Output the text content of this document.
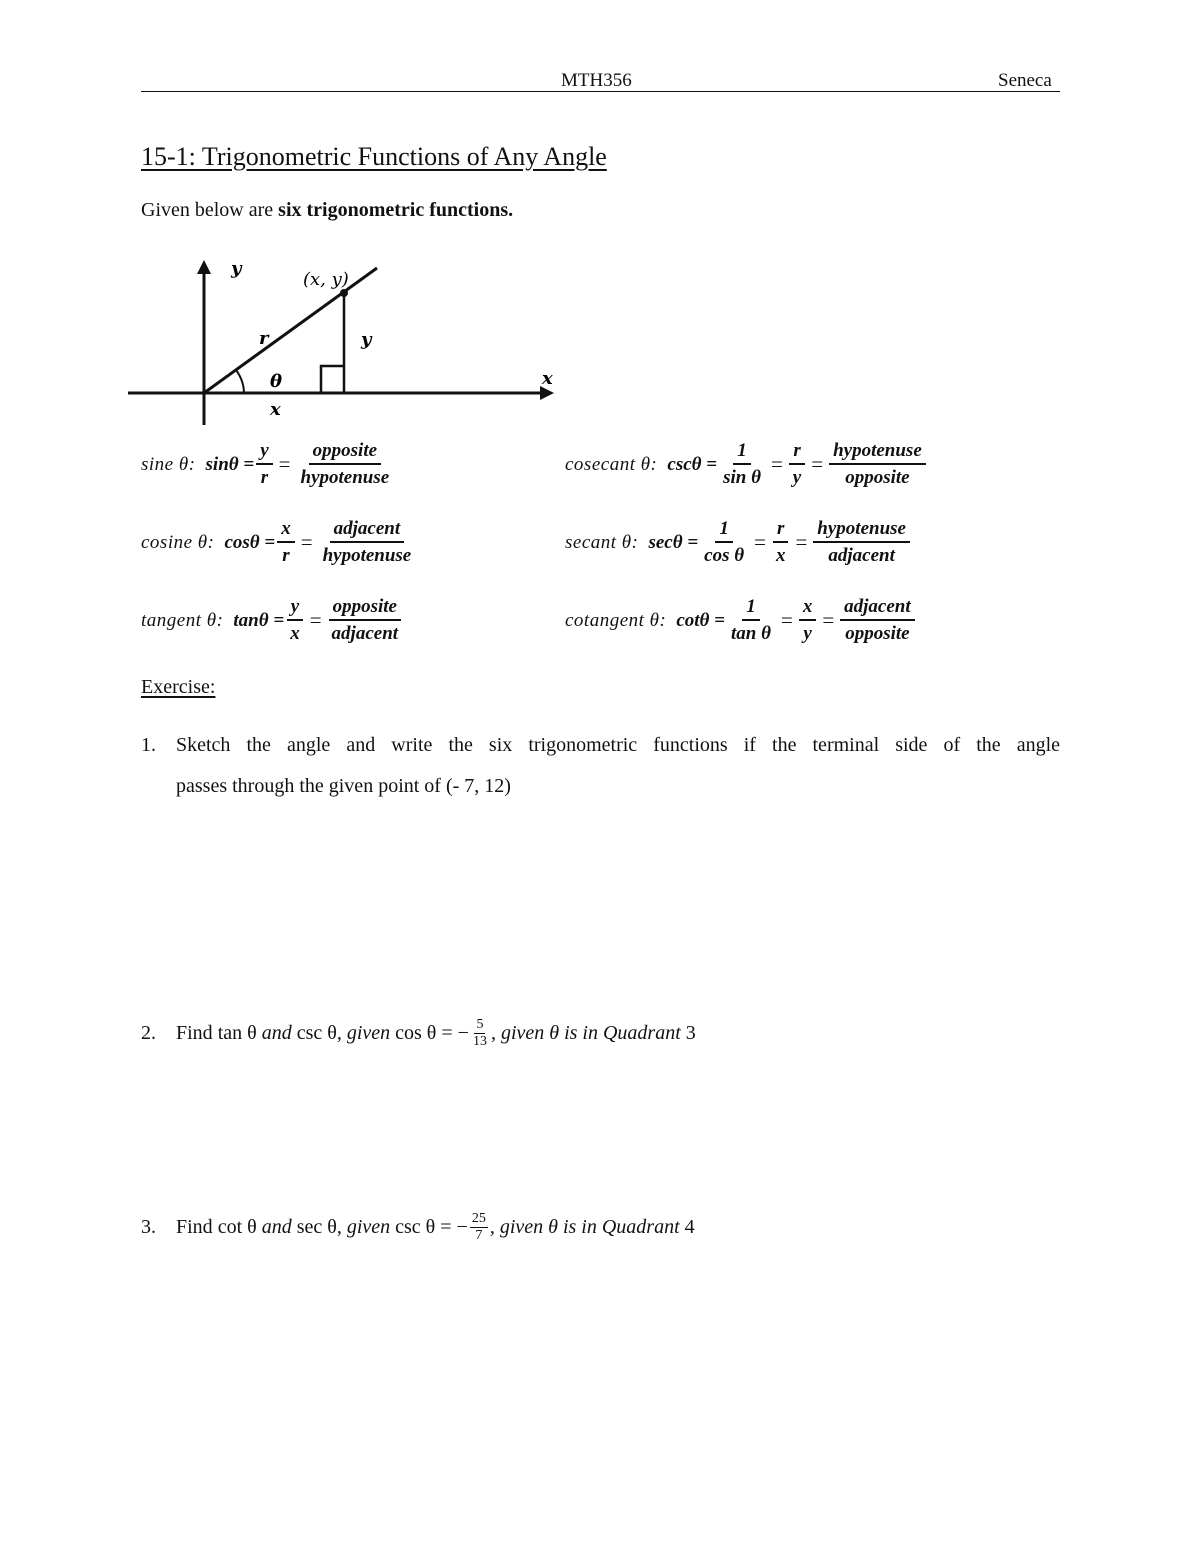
MTH356	Seneca
15-1: Trigonometric Functions of Any Angle
Given below are six trigonometric functions.
y
(x, y)
r	y
θ
x
x
sine θ: $\sin\theta = \frac{y}{r} = \frac{\text{opposite}}{\text{hypotenuse}}$
cosine θ: $\cos\theta = \frac{x}{r} = \frac{\text{adjacent}}{\text{hypotenuse}}$
tangent θ: $\tan\theta = \frac{y}{x} = \frac{\text{opposite}}{\text{adjacent}}$
cosecant θ: $\csc\theta = \frac{1}{\text{sin θ}} = \frac{r}{y} = \frac{\text{hypotenuse}}{\text{opposite}}$
secant θ: $\sec\theta = \frac{1}{\text{cos θ}} = \frac{r}{x} = \frac{\text{hypotenuse}}{\text{adjacent}}$
cotangent θ: $\cot\theta = \frac{1}{\text{tan θ}} = \frac{x}{y} = \frac{\text{adjacent}}{\text{opposite}}$
Exercise:
1. Sketch the angle and write the six trigonometric functions if the terminal side of the angle
passes through the given point of (- 7, 12)
2. Find
tan θ
and
csc θ , given
cos θ = − $\frac{5}{13}$ , given θ is in Quadrant
3
3. Find
cot θ
and
sec θ , given
csc θ = − $\frac{25}{7}$ , given θ is in Quadrant
4
